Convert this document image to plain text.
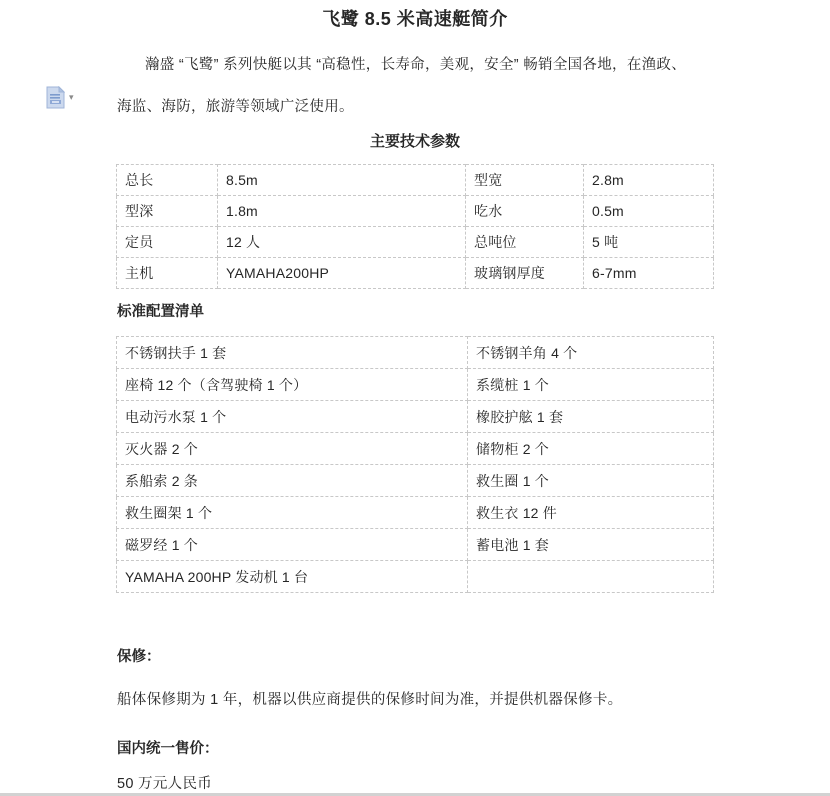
▾
飞鹭 8.5 米高速艇简介
瀚盛 “飞鹭” 系列快艇以其 “高稳性，长寿命，美观，安全” 畅销全国各地，在渔政、
海监、海防，旅游等领域广泛使用。
主要技术参数
总长	8.5m	型宽	2.8m
型深	1.8m	吃水	0.5m
定员	12 人	总吨位	5 吨
主机	YAMAHA200HP	玻璃钢厚度	6-7mm
标准配置清单
不锈钢扶手 1 套	不锈钢羊角 4 个
座椅 12 个（含驾驶椅 1 个）	系缆桩 1 个
电动污水泵 1 个	橡胶护舷 1 套
灭火器 2 个	储物柜 2 个
系船索 2 条	救生圈 1 个
救生圈架 1 个	救生衣 12 件
磁罗经 1 个	蓄电池 1 套
YAMAHA 200HP 发动机 1 台	
保修：
船体保修期为 1 年，机器以供应商提供的保修时间为准，并提供机器保修卡。
国内统一售价：
50 万元人民币
